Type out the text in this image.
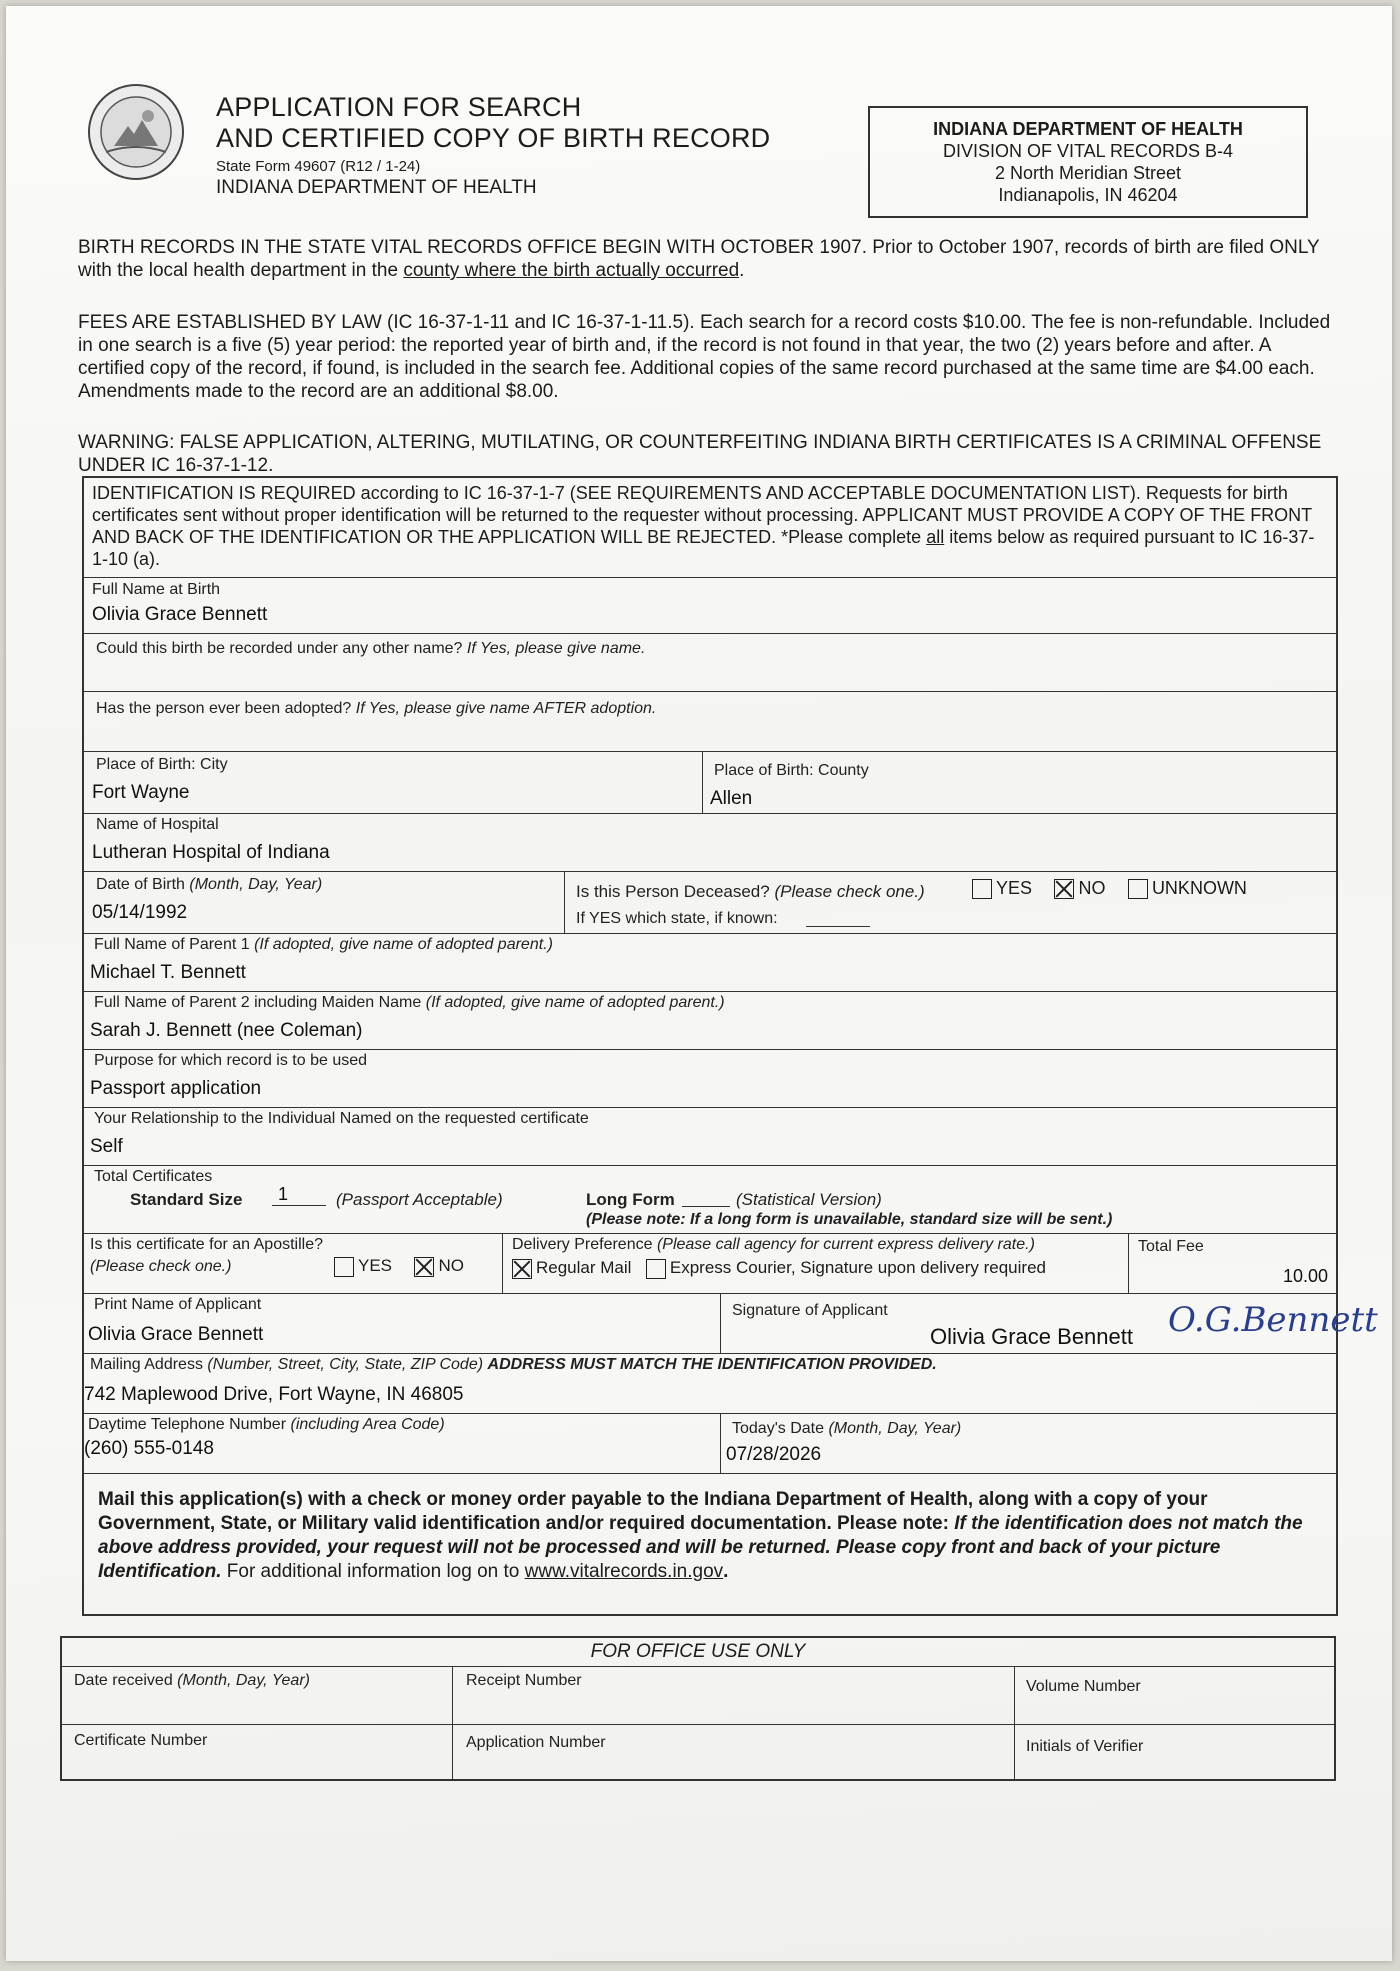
APPLICATION FOR SEARCH
AND CERTIFIED COPY OF BIRTH RECORD
State Form 49607 (R12 / 1-24)
INDIANA DEPARTMENT OF HEALTH
INDIANA DEPARTMENT OF HEALTH
DIVISION OF VITAL RECORDS B-4
2 North Meridian Street
Indianapolis, IN 46204
BIRTH RECORDS IN THE STATE VITAL RECORDS OFFICE BEGIN WITH OCTOBER 1907. Prior to October 1907, records of birth are filed ONLY with the local health department in the county where the birth actually occurred.
FEES ARE ESTABLISHED BY LAW (IC 16-37-1-11 and IC 16-37-1-11.5). Each search for a record costs $10.00. The fee is non-refundable. Included in one search is a five (5) year period: the reported year of birth and, if the record is not found in that year, the two (2) years before and after. A certified copy of the record, if found, is included in the search fee. Additional copies of the same record purchased at the same time are $4.00 each. Amendments made to the record are an additional $8.00.
WARNING: FALSE APPLICATION, ALTERING, MUTILATING, OR COUNTERFEITING INDIANA BIRTH CERTIFICATES IS A CRIMINAL OFFENSE UNDER IC 16-37-1-12.
IDENTIFICATION IS REQUIRED according to IC 16-37-1-7 (SEE REQUIREMENTS AND ACCEPTABLE DOCUMENTATION LIST). Requests for birth certificates sent without proper identification will be returned to the requester without processing. APPLICANT MUST PROVIDE A COPY OF THE FRONT AND BACK OF THE IDENTIFICATION OR THE APPLICATION WILL BE REJECTED. *Please complete all items below as required pursuant to IC 16-37-1-10 (a).
Full Name at Birth
Olivia Grace Bennett
Could this birth be recorded under any other name? If Yes, please give name.
Has the person ever been adopted? If Yes, please give name AFTER adoption.
Place of Birth: City
Fort Wayne
Place of Birth: County
Allen
Name of Hospital
Lutheran Hospital of Indiana
Date of Birth (Month, Day, Year)
05/14/1992
Is this Person Deceased? (Please check one.)	YES	NO	UNKNOWN
If YES which state, if known:
Full Name of Parent 1 (If adopted, give name of adopted parent.)
Michael T. Bennett
Full Name of Parent 2 including Maiden Name (If adopted, give name of adopted parent.)
Sarah J. Bennett (nee Coleman)
Purpose for which record is to be used
Passport application
Your Relationship to the Individual Named on the requested certificate
Self
Total Certificates
Standard Size	1	(Passport Acceptable)	Long Form	(Statistical Version)
(Please note: If a long form is unavailable, standard size will be sent.)
Is this certificate for an Apostille?
(Please check one.)	YES	NO
Delivery Preference (Please call agency for current express delivery rate.)
Regular Mail Express Courier, Signature upon delivery required
Total Fee
10.00
Print Name of Applicant
Olivia Grace Bennett
Signature of Applicant
Olivia Grace Bennett O.G.Bennett
Mailing Address (Number, Street, City, State, ZIP Code) ADDRESS MUST MATCH THE IDENTIFICATION PROVIDED.
742 Maplewood Drive, Fort Wayne, IN 46805
Daytime Telephone Number (including Area Code)
(260) 555-0148
Today's Date (Month, Day, Year)
07/28/2026
Mail this application(s) with a check or money order payable to the Indiana Department of Health, along with a copy of your Government, State, or Military valid identification and/or required documentation. Please note: If the identification does not match the above address provided, your request will not be processed and will be returned. Please copy front and back of your picture Identification. For additional information log on to www.vitalrecords.in.gov.
FOR OFFICE USE ONLY
Date received (Month, Day, Year)	Receipt Number	Volume Number
Certificate Number	Application Number	Initials of Verifier
